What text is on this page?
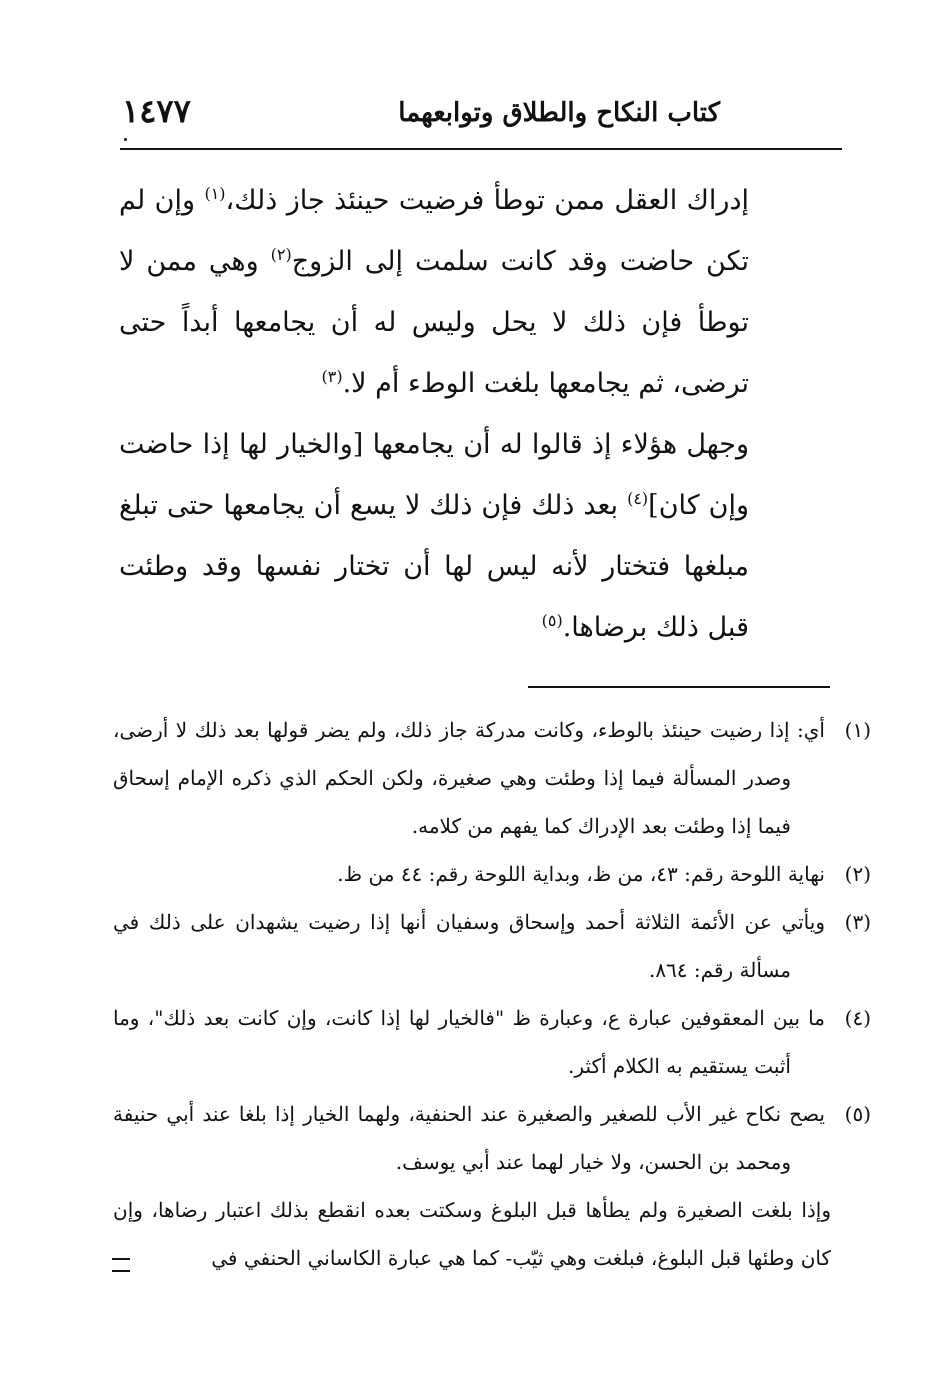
كتاب النكاح والطلاق وتوابعهما
١٤٧٧

إدراك العقل ممن توطأ فرضيت حينئذ جاز ذلك،$^{(١)}$ وإن لم تكن حاضت وقد كانت سلمت إلى الزوج$^{(٢)}$ وهي ممن لا توطأ فإن ذلك لا يحل وليس له أن يجامعها أبداً حتى ترضى، ثم يجامعها بلغت الوطء أم لا.$^{(٣)}$

وجهل هؤلاء إذ قالوا له أن يجامعها [والخيار لها إذا حاضت وإن كان]$^{(٤)}$ بعد ذلك فإن ذلك لا يسع أن يجامعها حتى تبلغ مبلغها فتختار لأنه ليس لها أن تختار نفسها وقد وطئت قبل ذلك برضاها.$^{(٥)}$

(١)أي: إذا رضيت حينئذ بالوطء، وكانت مدركة جاز ذلك، ولم يضر قولها بعد ذلك لا أرضى، وصدر المسألة فيما إذا وطئت وهي صغيرة، ولكن الحكم الذي ذكره الإمام إسحاق فيما إذا وطئت بعد الإدراك كما يفهم من كلامه.

(٢)نهاية اللوحة رقم: ٤٣، من ظ، وبداية اللوحة رقم: ٤٤ من ظ.

(٣)ويأتي عن الأئمة الثلاثة أحمد وإسحاق وسفيان أنها إذا رضيت يشهدان على ذلك في مسألة رقم: ٨٦٤.

(٤)ما بين المعقوفين عبارة ع، وعبارة ظ "فالخيار لها إذا كانت، وإن كانت بعد ذلك"، وما أثبت يستقيم به الكلام أكثر.

(٥)يصح نكاح غير الأب للصغير والصغيرة عند الحنفية، ولهما الخيار إذا بلغا عند أبي حنيفة ومحمد بن الحسن، ولا خيار لهما عند أبي يوسف.

وإذا بلغت الصغيرة ولم يطأها قبل البلوغ وسكتت بعده انقطع بذلك اعتبار رضاها، وإن كان وطئها قبل البلوغ، فبلغت وهي ثيّب- كما هي عبارة الكاساني الحنفي في
